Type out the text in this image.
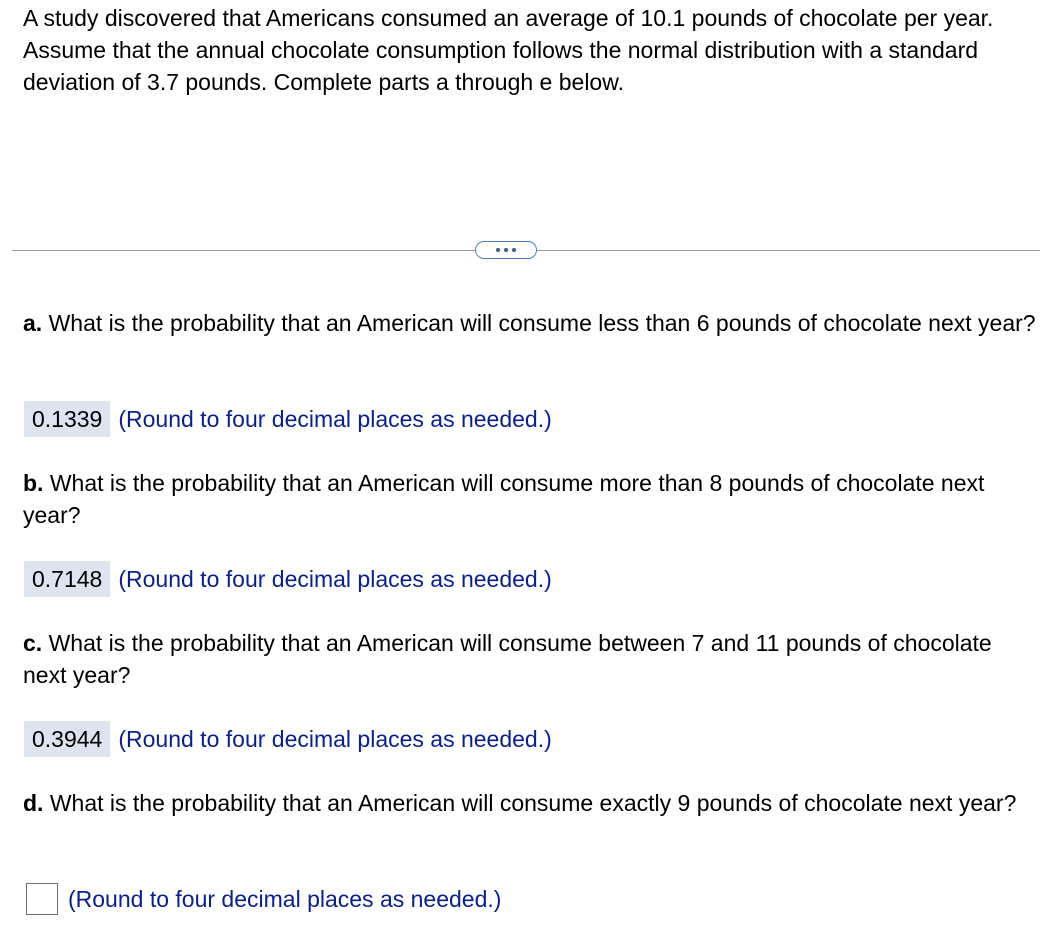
A study discovered that Americans consumed an average of 10.1 pounds of chocolate per year. Assume that the annual chocolate consumption follows the normal distribution with a standard deviation of 3.7 pounds. Complete parts a through e below.
a. What is the probability that an American will consume less than 6 pounds of chocolate next year?
0.1339 (Round to four decimal places as needed.)
b. What is the probability that an American will consume more than 8 pounds of chocolate next year?
0.7148 (Round to four decimal places as needed.)
c. What is the probability that an American will consume between 7 and 11 pounds of chocolate next year?
0.3944 (Round to four decimal places as needed.)
d. What is the probability that an American will consume exactly 9 pounds of chocolate next year?
(Round to four decimal places as needed.)
